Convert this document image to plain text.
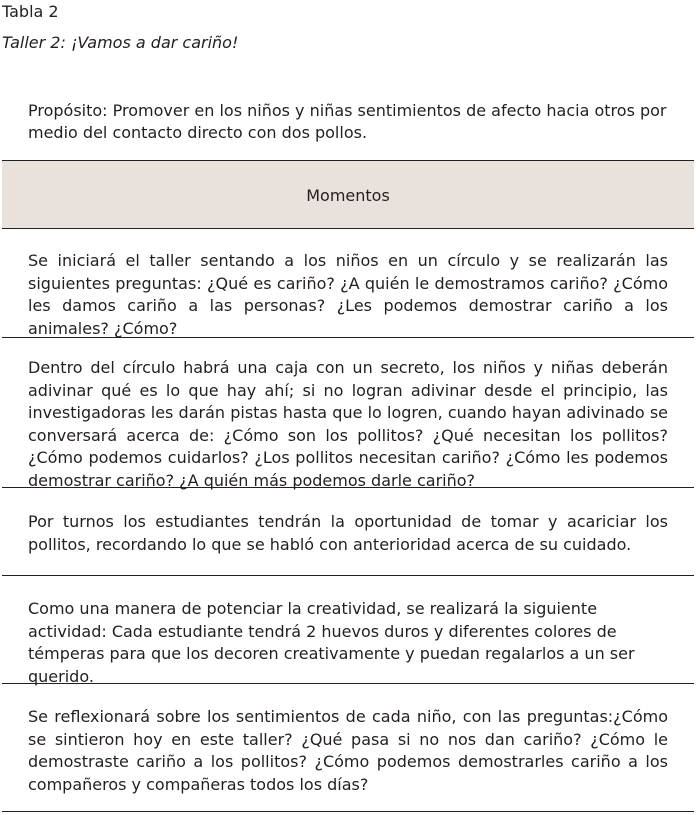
Tabla 2
Taller 2: ¡Vamos a dar cariño!
Propósito: Promover en los niños y niñas sentimientos de afecto hacia otros por medio del contacto directo con dos pollos.
Momentos
Se iniciará el taller sentando a los niños en un círculo y se realizarán las siguientes preguntas: ¿Qué es cariño? ¿A quién le demostramos cariño? ¿Cómo les damos cariño a las personas? ¿Les podemos demostrar cariño a los animales? ¿Cómo?
Dentro del círculo habrá una caja con un secreto, los niños y niñas deberán adivinar qué es lo que hay ahí; si no logran adivinar desde el principio, las investigadoras les darán pistas hasta que lo logren, cuando hayan adivinado se conversará acerca de: ¿Cómo son los pollitos? ¿Qué necesitan los pollitos? ¿Cómo podemos cuidarlos? ¿Los pollitos necesitan cariño? ¿Cómo les podemos demostrar cariño? ¿A quién más podemos darle cariño?
Por turnos los estudiantes tendrán la oportunidad de tomar y acariciar los pollitos, recordando lo que se habló con anterioridad acerca de su cuidado.
Como una manera de potenciar la creatividad, se realizará la siguiente actividad: Cada estudiante tendrá 2 huevos duros y diferentes colores de témperas para que los decoren creativamente y puedan regalarlos a un ser querido.
Se reflexionará sobre los sentimientos de cada niño, con las preguntas:¿Cómo se sintieron hoy en este taller? ¿Qué pasa si no nos dan cariño? ¿Cómo le demostraste cariño a los pollitos? ¿Cómo podemos demostrarles cariño a los compañeros y compañeras todos los días?
